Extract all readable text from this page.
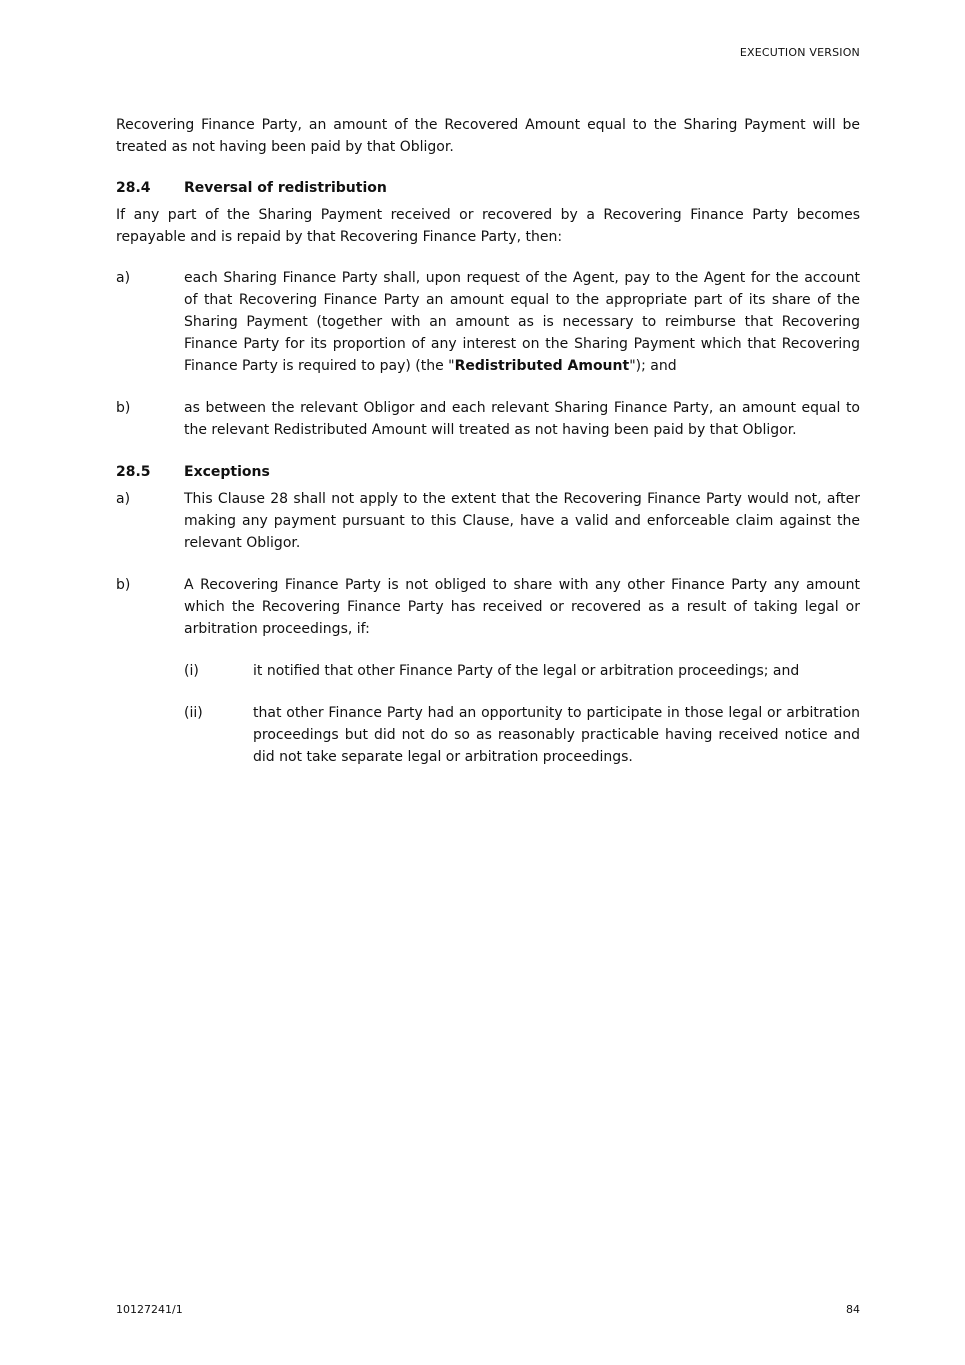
EXECUTION VERSION

Recovering Finance Party, an amount of the Recovered Amount equal to the Sharing Payment will be treated as not having been paid by that Obligor.

28.4	Reversal of redistribution

If any part of the Sharing Payment received or recovered by a Recovering Finance Party becomes repayable and is repaid by that Recovering Finance Party, then:

a)	each Sharing Finance Party shall, upon request of the Agent, pay to the Agent for the account of that Recovering Finance Party an amount equal to the appropriate part of its share of the Sharing Payment (together with an amount as is necessary to reimburse that Recovering Finance Party for its proportion of any interest on the Sharing Payment which that Recovering Finance Party is required to pay) (the "Redistributed Amount"); and
b)	as between the relevant Obligor and each relevant Sharing Finance Party, an amount equal to the relevant Redistributed Amount will treated as not having been paid by that Obligor.
28.5	Exceptions
a)	This Clause 28 shall not apply to the extent that the Recovering Finance Party would not, after making any payment pursuant to this Clause, have a valid and enforceable claim against the relevant Obligor.
b)	A Recovering Finance Party is not obliged to share with any other Finance Party any amount which the Recovering Finance Party has received or recovered as a result of taking legal or arbitration proceedings, if:
(i)	it notified that other Finance Party of the legal or arbitration proceedings; and
(ii)	that other Finance Party had an opportunity to participate in those legal or arbitration proceedings but did not do so as reasonably practicable having received notice and did not take separate legal or arbitration proceedings.
10127241/1	84
